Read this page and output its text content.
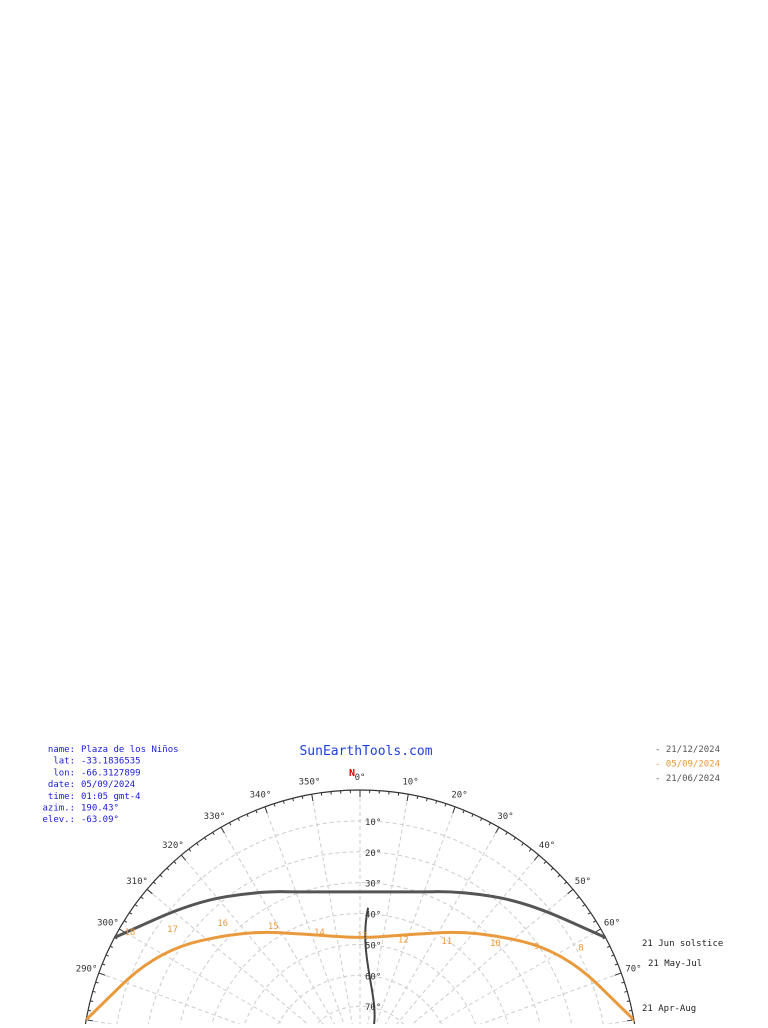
name: Plaza de los Niños
lat: -33.1836535
lon: -66.3127899
date: 05/09/2024
time: 01:05 gmt-4
azim.: 190.43°
elev.: -63.09°
SunEarthTools.com	- 21/12/2024
- 05/09/2024
- 21/06/2024
290°
300°
310°
320°
330°
340°
350°	0°	10°
20°
30°
40°
50°
60°
70°
N
10°
20°
30°
40°
50°
60°
70°
21 Jun solstice
21 May-Jul
21 Apr-Aug
18	17
16	15
14	13	12	11	10	9	8
